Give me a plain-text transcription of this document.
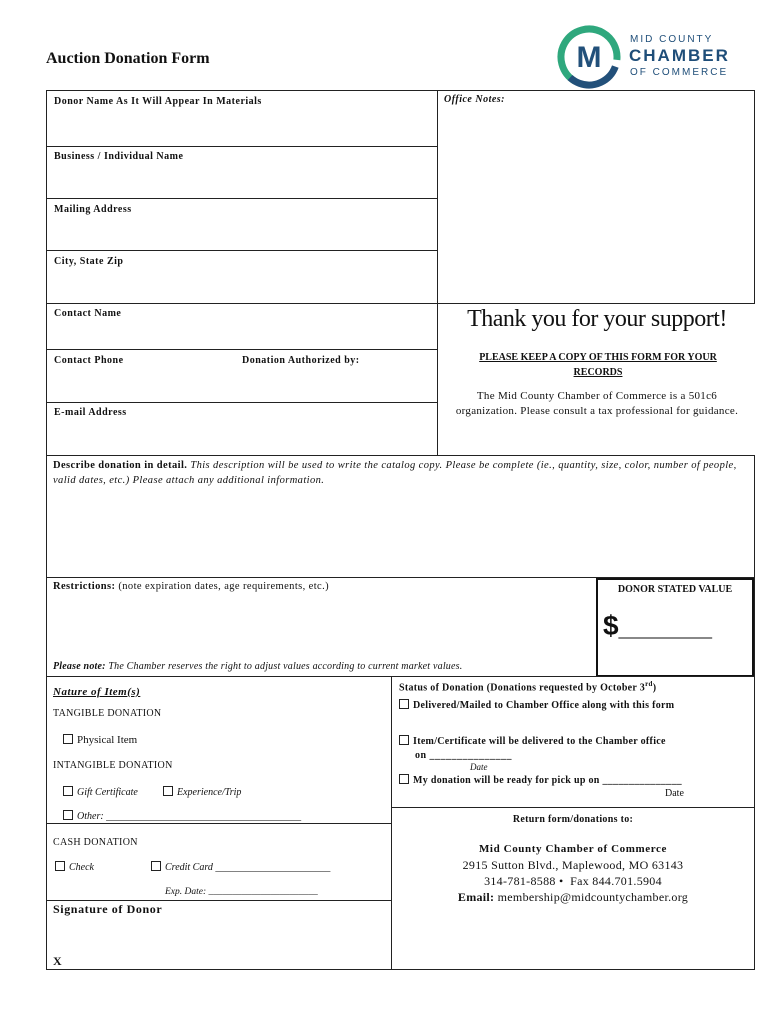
Auction Donation Form	M
MID COUNTY
CHAMBER
OF COMMERCE
Donor Name As It Will Appear In Materials
Business / Individual Name
Mailing Address
City, State Zip
Contact Name
Contact Phone	Donation Authorized by:
E-mail Address
Office Notes:
Thank you for your support!
PLEASE KEEP A COPY OF THIS FORM FOR YOUR RECORDS
The Mid County Chamber of Commerce is a 501c6 organization. Please consult a tax professional for guidance.
Describe donation in detail. This description will be used to write the catalog copy. Please be complete (ie., quantity, size, color, number of people, valid dates, etc.) Please attach any additional information.
Restrictions: (note expiration dates, age requirements, etc.)	DONOR STATED VALUE
$______
Please note: The Chamber reserves the right to adjust values according to current market values.
Nature of Item(s)
TANGIBLE DONATION
Physical Item
INTANGIBLE DONATION
Gift Certificate	Experience/Trip
Other: _______________________________________
CASH DONATION
Check	Credit Card _______________________
Exp. Date: _______________________
Signature of Donor
X
Status of Donation (Donations requested by October 3rd)
Delivered/Mailed to Chamber Office along with this form
Item/Certificate will be delivered to the Chamber office
on _______________
Date
My donation will be ready for pick up on _______________
Date
Return form/donations to:
Mid County Chamber of Commerce
2915 Sutton Blvd., Maplewood, MO 63143
314-781-8588 • Fax 844.701.5904
Email: membership@midcountychamber.org
